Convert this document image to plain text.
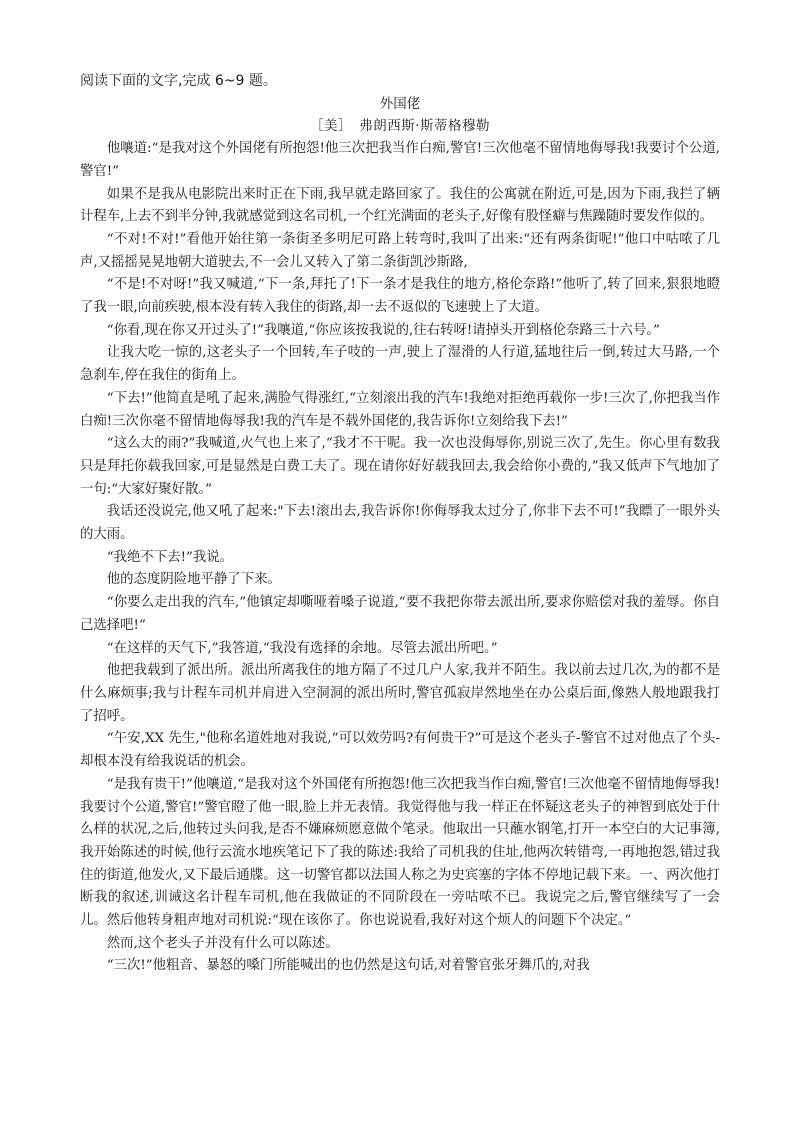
阅读下面的文字,完成 6~9 题。

外国佬

［美］　弗朗西斯·斯蒂格穆勒

他嚷道:“是我对这个外国佬有所抱怨!他三次把我当作白痴,警官!三次他毫不留情地侮辱我!我要讨个公道,警官!”

如果不是我从电影院出来时正在下雨,我早就走路回家了。我住的公寓就在附近,可是,因为下雨,我拦了辆计程车,上去不到半分钟,我就感觉到这名司机,一个红光满面的老头子,好像有股怪癖与焦躁随时要发作似的。

“不对!不对!”看他开始往第一条街圣多明尼可路上转弯时,我叫了出来:“还有两条街呢!”他口中咕哝了几声,又摇摇晃晃地朝大道驶去,不一会儿又转入了第二条街凯沙斯路,

“不是!不对呀!”我又喊道,“下一条,拜托了!下一条才是我住的地方,格伦奈路!”他听了,转了回来,狠狠地瞪了我一眼,向前疾驶,根本没有转入我住的街路,却一去不返似的飞速驶上了大道。

“你看,现在你又开过头了!”我嚷道,“你应该按我说的,往右转呀!请掉头开到格伦奈路三十六号。”

让我大吃一惊的,这老头子一个回转,车子吱的一声,驶上了湿滑的人行道,猛地往后一倒,转过大马路,一个急刹车,停在我住的街角上。

“下去!”他简直是吼了起来,满脸气得涨红,“立刻滚出我的汽车!我绝对拒绝再载你一步!三次了,你把我当作白痴!三次你毫不留情地侮辱我!我的汽车是不载外国佬的,我告诉你!立刻给我下去!”

“这么大的雨?”我喊道,火气也上来了,“我才不干呢。我一次也没侮辱你,别说三次了,先生。你心里有数我只是拜托你载我回家,可是显然是白费工夫了。现在请你好好载我回去,我会给你小费的,”我又低声下气地加了一句:“大家好聚好散。”

我话还没说完,他又吼了起来:"下去!滚出去,我告诉你!你侮辱我太过分了,你非下去不可!”我瞟了一眼外头的大雨。

“我绝不下去!”我说。

他的态度阴险地平静了下来。

“你要么走出我的汽车,”他镇定却嘶哑着嗓子说道,“要不我把你带去派出所,要求你赔偿对我的羞辱。你自己选择吧!”

“在这样的天气下,”我答道,“我没有选择的余地。尽管去派出所吧。”

他把我载到了派出所。派出所离我住的地方隔了不过几户人家,我并不陌生。我以前去过几次,为的都不是什么麻烦事;我与计程车司机并肩进入空洞洞的派出所时,警官孤寂岸然地坐在办公桌后面,像熟人般地跟我打了招呼。

“午安,XX 先生,"他称名道姓地对我说,“可以效劳吗?有何贵干?”可是这个老头子-警官不过对他点了个头-却根本没有给我说话的机会。

“是我有贵干!”他嚷道,“是我对这个外国佬有所抱怨!他三次把我当作白痴,警官!三次他毫不留情地侮辱我!我要讨个公道,警官!”警官瞪了他一眼,脸上并无表情。我觉得他与我一样正在怀疑这老头子的神智到底处于什么样的状况,之后,他转过头问我,是否不嫌麻烦愿意做个笔录。他取出一只蘸水钢笔,打开一本空白的大记事簿,我开始陈述的时候,他行云流水地疾笔记下了我的陈述:我给了司机我的住址,他两次转错弯,一再地抱怨,错过我住的街道,他发火,又下最后通牒。这一切警官都以法国人称之为史宾塞的字体不停地记载下来。一、两次他打断我的叙述,训诫这名计程车司机,他在我做证的不同阶段在一旁咕哝不已。我说完之后,警官继续写了一会儿。然后他转身粗声地对司机说:“现在该你了。你也说说看,我好对这个烦人的问题下个决定。”

然而,这个老头子并没有什么可以陈述。

“三次!”他粗音、暴怒的嗓门所能喊出的也仍然是这句话,对着警官张牙舞爪的,对我
